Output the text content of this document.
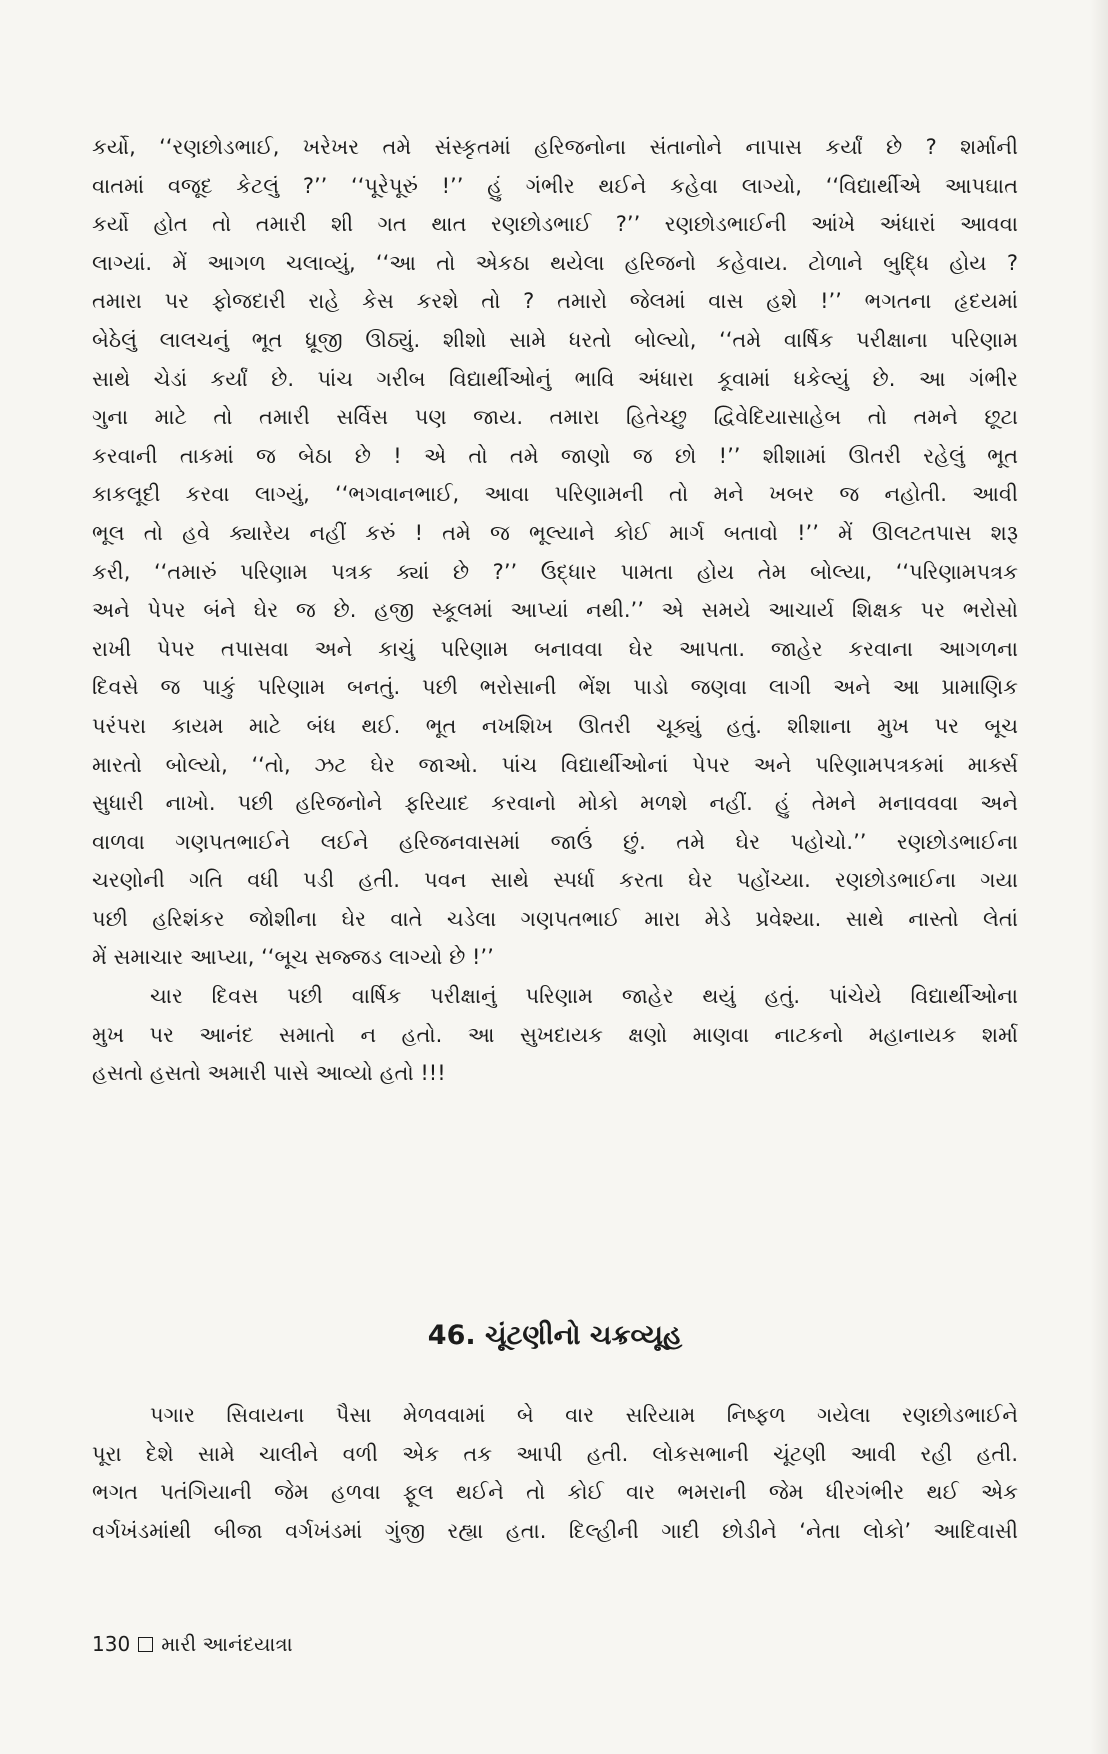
કર્યો, ‘‘રણછોડભાઈ, ખરેખર તમે સંસ્કૃતમાં હરિજનોના સંતાનોને નાપાસ કર્યાં છે ? શર્માની
વાતમાં વજૂદ કેટલું ?’’ ‘‘પૂરેપૂરું !’’ હું ગંભીર થઈને કહેવા લાગ્યો, ‘‘વિદ્યાર્થીએ આપઘાત
કર્યો હોત તો તમારી શી ગત થાત રણછોડભાઈ ?’’ રણછોડભાઈની આંખે અંધારાં આવવા
લાગ્યાં. મેં આગળ ચલાવ્યું, ‘‘આ તો એકઠા થયેલા હરિજનો કહેવાય. ટોળાને બુદ્ધિ હોય ?
તમારા પર ફોજદારી રાહે કેસ કરશે તો ? તમારો જેલમાં વાસ હશે !’’ ભગતના હૃદયમાં
બેઠેલું લાલચનું ભૂત ધ્રૂજી ઊઠ્યું. શીશો સામે ધરતો બોલ્યો, ‘‘તમે વાર્ષિક પરીક્ષાના પરિણામ
સાથે ચેડાં કર્યાં છે. પાંચ ગરીબ વિદ્યાર્થીઓનું ભાવિ અંધારા કૂવામાં ધકેલ્યું છે. આ ગંભીર
ગુના માટે તો તમારી સર્વિસ પણ જાય. તમારા હિતેચ્છુ દ્વિવેદિયાસાહેબ તો તમને છૂટા
કરવાની તાકમાં જ બેઠા છે ! એ તો તમે જાણો જ છો !’’ શીશામાં ઊતરી રહેલું ભૂત
કાકલૂદી કરવા લાગ્યું, ‘‘ભગવાનભાઈ, આવા પરિણામની તો મને ખબર જ નહોતી. આવી
ભૂલ તો હવે ક્યારેય નહીં કરું ! તમે જ ભૂલ્યાને કોઈ માર્ગ બતાવો !’’ મેં ઊલટતપાસ શરૂ
કરી, ‘‘તમારું પરિણામ પત્રક ક્યાં છે ?’’ ઉદ્ધાર પામતા હોય તેમ બોલ્યા, ‘‘પરિણામપત્રક
અને પેપર બંને ઘેર જ છે. હજી સ્કૂલમાં આપ્યાં નથી.’’ એ સમયે આચાર્ય શિક્ષક પર ભરોસો
રાખી પેપર તપાસવા અને કાચું પરિણામ બનાવવા ઘેર આપતા. જાહેર કરવાના આગળના
દિવસે જ પાકું પરિણામ બનતું. પછી ભરોસાની ભેંશ પાડો જણવા લાગી અને આ પ્રામાણિક
પરંપરા કાયમ માટે બંધ થઈ. ભૂત નખશિખ ઊતરી ચૂક્યું હતું. શીશાના મુખ પર બૂચ
મારતો બોલ્યો, ‘‘તો, ઝટ ઘેર જાઓ. પાંચ વિદ્યાર્થીઓનાં પેપર અને પરિણામપત્રકમાં માર્ક્સ
સુધારી નાખો. પછી હરિજનોને ફરિયાદ કરવાનો મોકો મળશે નહીં. હું તેમને મનાવવવા અને
વાળવા ગણપતભાઈને લઈને હરિજનવાસમાં જાઉં છું. તમે ઘેર પહોચો.’’ રણછોડભાઈના
ચરણોની ગતિ વધી પડી હતી. પવન સાથે સ્પર્ધા કરતા ઘેર પહોંચ્યા. રણછોડભાઈના ગયા
પછી હરિશંકર જોશીના ઘેર વાતે ચડેલા ગણપતભાઈ મારા મેડે પ્રવેશ્યા. સાથે નાસ્તો લેતાં
મેં સમાચાર આપ્યા, ‘‘બૂચ સજ્જડ લાગ્યો છે !’’
ચાર દિવસ પછી વાર્ષિક પરીક્ષાનું પરિણામ જાહેર થયું હતું. પાંચેયે વિદ્યાર્થીઓના
મુખ પર આનંદ સમાતો ન હતો. આ સુખદાયક ક્ષણો માણવા નાટકનો મહાનાયક શર્મા
હસતો હસતો અમારી પાસે આવ્યો હતો !!!
46. ચૂંટણીનો ચક્રવ્યૂહ
પગાર સિવાયના પૈસા મેળવવામાં બે વાર સરિયામ નિષ્ફળ ગયેલા રણછોડભાઈને
પૂરા દેશે સામે ચાલીને વળી એક તક આપી હતી. લોકસભાની ચૂંટણી આવી રહી હતી.
ભગત પતંગિયાની જેમ હળવા ફૂલ થઈને તો કોઈ વાર ભમરાની જેમ ધીરગંભીર થઈ એક
વર્ગખંડમાંથી બીજા વર્ગખંડમાં ગુંજી રહ્યા હતા. દિલ્હીની ગાદી છોડીને ‘નેતા લોકો’ આદિવાસી
130 મારી આનંદયાત્રા
